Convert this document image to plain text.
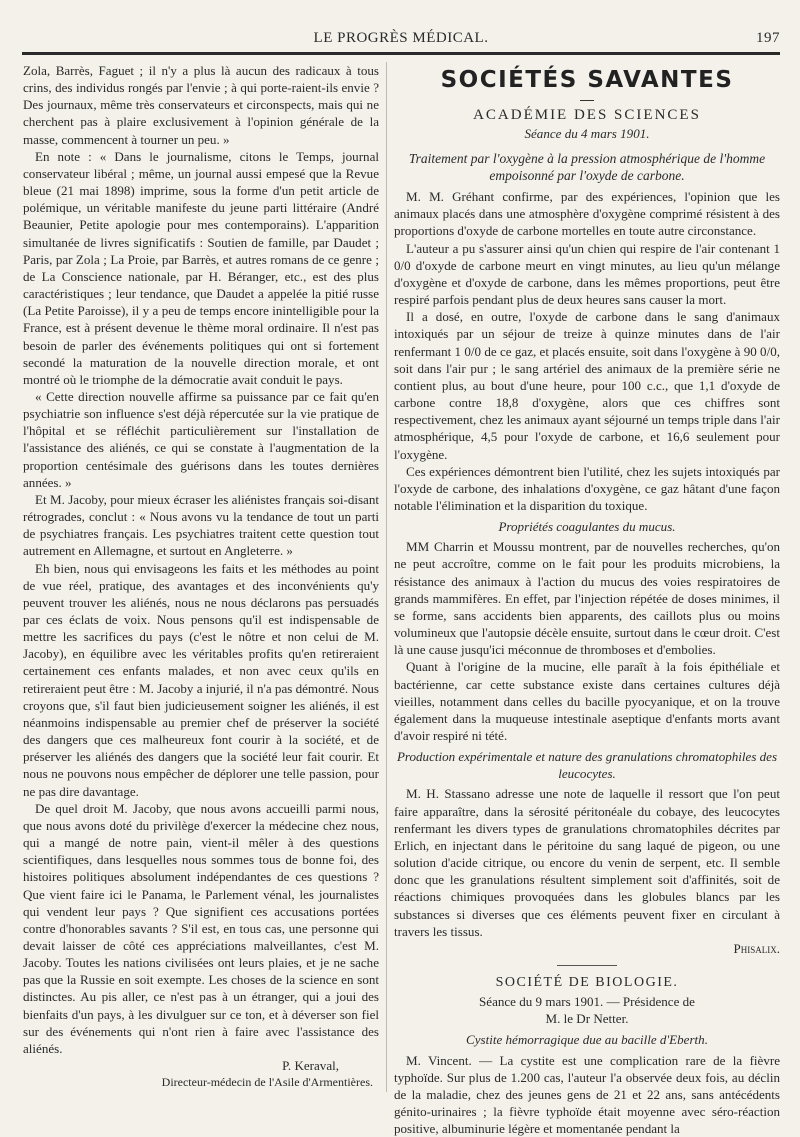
LE PROGRÈS MÉDICAL.	197

Zola, Barrès, Faguet ; il n'y a plus là aucun des radicaux à tous crins, des individus rongés par l'envie ; à qui porte-raient-ils envie ? Des journaux, même très conservateurs et circonspects, mais qui ne cherchent pas à plaire exclusivement à l'opinion générale de la masse, commencent à tourner un peu. »

En note : « Dans le journalisme, citons le Temps, journal conservateur libéral ; même, un journal aussi empesé que la Revue bleue (21 mai 1898) imprime, sous la forme d'un petit article de polémique, un véritable manifeste du jeune parti littéraire (André Beaunier, Petite apologie pour mes contemporains). L'apparition simultanée de livres significatifs : Soutien de famille, par Daudet ; Paris, par Zola ; La Proie, par Barrès, et autres romans de ce genre ; de La Conscience nationale, par H. Béranger, etc., est des plus caractéristiques ; leur tendance, que Daudet a appelée la pitié russe (La Petite Paroisse), il y a peu de temps encore inintelligible pour la France, est à présent devenue le thème moral ordinaire. Il n'est pas besoin de parler des événements politiques qui ont si fortement secondé la maturation de la nouvelle direction morale, et ont montré où le triomphe de la démocratie avait conduit le pays.

« Cette direction nouvelle affirme sa puissance par ce fait qu'en psychiatrie son influence s'est déjà répercutée sur la vie pratique de l'hôpital et se réfléchit particulièrement sur l'installation de l'assistance des aliénés, ce qui se constate à l'augmentation de la proportion centésimale des guérisons dans les toutes dernières années. »

Et M. Jacoby, pour mieux écraser les aliénistes français soi-disant rétrogrades, conclut : « Nous avons vu la tendance de tout un parti de psychiatres français. Les psychiatres traitent cette question tout autrement en Allemagne, et surtout en Angleterre. »

Eh bien, nous qui envisageons les faits et les méthodes au point de vue réel, pratique, des avantages et des inconvénients qu'y peuvent trouver les aliénés, nous ne nous déclarons pas persuadés par ces éclats de voix. Nous pensons qu'il est indispensable de mettre les sacrifices du pays (c'est le nôtre et non celui de M. Jacoby), en équilibre avec les véritables profits qu'en retireraient certainement ces enfants malades, et non avec ceux qu'ils en retireraient peut être : M. Jacoby a injurié, il n'a pas démontré. Nous croyons que, s'il faut bien judicieusement soigner les aliénés, il est néanmoins indispensable au premier chef de préserver la société des dangers que ces malheureux font courir à la société, et de préserver les aliénés des dangers que la société leur fait courir. Et nous ne pouvons nous empêcher de déplorer une telle passion, pour ne pas dire davantage.

De quel droit M. Jacoby, que nous avons accueilli parmi nous, que nous avons doté du privilège d'exercer la médecine chez nous, qui a mangé de notre pain, vient-il mêler à des questions scientifiques, dans lesquelles nous sommes tous de bonne foi, des histoires politiques absolument indépendantes de ces questions ? Que vient faire ici le Panama, le Parlement vénal, les journalistes qui vendent leur pays ? Que signifient ces accusations portées contre d'honorables savants ? S'il est, en tous cas, une personne qui devait laisser de côté ces appréciations malveillantes, c'est M. Jacoby. Toutes les nations civilisées ont leurs plaies, et je ne sache pas que la Russie en soit exempte. Les choses de la science en sont distinctes. Au pis aller, ce n'est pas à un étranger, qui a joui des bienfaits d'un pays, à les divulguer sur ce ton, et à déverser son fiel sur des événements qui n'ont rien à faire avec l'assistance des aliénés.

P. Keraval,

Directeur-médecin de l'Asile d'Armentières.

SOCIÉTÉS SAVANTES
ACADÉMIE DES SCIENCES

Séance du 4 mars 1901.

Traitement par l'oxygène à la pression atmosphérique de l'homme empoisonné par l'oxyde de carbone.

M. M. Gréhant confirme, par des expériences, l'opinion que les animaux placés dans une atmosphère d'oxygène comprimé résistent à des proportions d'oxyde de carbone mortelles en toute autre circonstance.

L'auteur a pu s'assurer ainsi qu'un chien qui respire de l'air contenant 1 0/0 d'oxyde de carbone meurt en vingt minutes, au lieu qu'un mélange d'oxygène et d'oxyde de carbone, dans les mêmes proportions, peut être respiré parfois pendant plus de deux heures sans causer la mort.

Il a dosé, en outre, l'oxyde de carbone dans le sang d'animaux intoxiqués par un séjour de treize à quinze minutes dans de l'air renfermant 1 0/0 de ce gaz, et placés ensuite, soit dans l'oxygène à 90 0/0, soit dans l'air pur ; le sang artériel des animaux de la première série ne contient plus, au bout d'une heure, pour 100 c.c., que 1,1 d'oxyde de carbone contre 18,8 d'oxygène, alors que ces chiffres sont respectivement, chez les animaux ayant séjourné un temps triple dans l'air atmosphérique, 4,5 pour l'oxyde de carbone, et 16,6 seulement pour l'oxygène.

Ces expériences démontrent bien l'utilité, chez les sujets intoxiqués par l'oxyde de carbone, des inhalations d'oxygène, ce gaz hâtant d'une façon notable l'élimination et la disparition du toxique.

Propriétés coagulantes du mucus.

MM Charrin et Moussu montrent, par de nouvelles recherches, qu'on ne peut accroître, comme on le fait pour les produits microbiens, la résistance des animaux à l'action du mucus des voies respiratoires de grands mammifères. En effet, par l'injection répétée de doses minimes, il se forme, sans accidents bien apparents, des caillots plus ou moins volumineux que l'autopsie décèle ensuite, surtout dans le cœur droit. C'est là une cause jusqu'ici méconnue de thromboses et d'embolies.

Quant à l'origine de la mucine, elle paraît à la fois épithéliale et bactérienne, car cette substance existe dans certaines cultures déjà vieilles, notamment dans celles du bacille pyocyanique, et on la trouve également dans la muqueuse intestinale aseptique d'enfants morts avant d'avoir respiré ni tété.

Production expérimentale et nature des granulations chromatophiles des leucocytes.

M. H. Stassano adresse une note de laquelle il ressort que l'on peut faire apparaître, dans la sérosité péritonéale du cobaye, des leucocytes renfermant les divers types de granulations chromatophiles décrites par Erlich, en injectant dans le péritoine du sang laqué de pigeon, ou une solution d'acide citrique, ou encore du venin de serpent, etc. Il semble donc que les granulations résultent simplement soit d'affinités, soit de réactions chimiques provoquées dans les globules blancs par les substances si diverses que ces éléments peuvent fixer en circulant à travers les tissus.

Phisalix.

SOCIÉTÉ DE BIOLOGIE.

Séance du 9 mars 1901. — Présidence de

M. le Dr Netter.

Cystite hémorragique due au bacille d'Eberth.

M. Vincent. — La cystite est une complication rare de la fièvre typhoïde. Sur plus de 1.200 cas, l'auteur l'a observée deux fois, au déclin de la maladie, chez des jeunes gens de 21 et 22 ans, sans antécédents génito-urinaires ; la fièvre typhoïde était moyenne avec séro-réaction positive, albuminurie légère et momentanée pendant la
